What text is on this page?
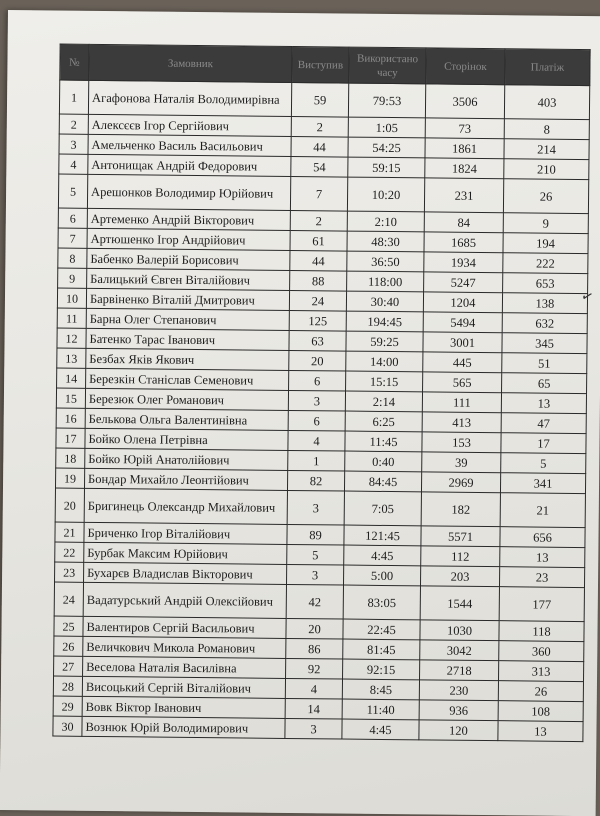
№	Замовник	Виступив	Використано часу	Сторінок	Платіж
1	Агафонова Наталія Володимирівна	59	79:53	3506	403
2	Алексєєв Ігор Сергійович	2	1:05	73	8
3	Амельченко Василь Васильович	44	54:25	1861	214
4	Антонищак Андрій Федорович	54	59:15	1824	210
5	Арешонков Володимир Юрійович	7	10:20	231	26
6	Артеменко Андрій Вікторович	2	2:10	84	9
7	Артюшенко Ігор Андрійович	61	48:30	1685	194
8	Бабенко Валерій Борисович	44	36:50	1934	222
9	Балицький Євген Віталійович	88	118:00	5247	653
10	Барвіненко Віталій Дмитрович	24	30:40	1204	138
11	Барна Олег Степанович	125	194:45	5494	632
12	Батенко Тарас Іванович	63	59:25	3001	345
13	Безбах Яків Якович	20	14:00	445	51
14	Березкін Станіслав Семенович	6	15:15	565	65
15	Березюк Олег Романович	3	2:14	111	13
16	Белькова Ольга Валентинівна	6	6:25	413	47
17	Бойко Олена Петрівна	4	11:45	153	17
18	Бойко Юрій Анатолійович	1	0:40	39	5
19	Бондар Михайло Леонтійович	82	84:45	2969	341
20	Бригинець Олександр Михайлович	3	7:05	182	21
21	Бриченко Ігор Віталійович	89	121:45	5571	656
22	Бурбак Максим Юрійович	5	4:45	112	13
23	Бухарєв Владислав Вікторович	3	5:00	203	23
24	Вадатурський Андрій Олексійович	42	83:05	1544	177
25	Валентиров Сергій Васильович	20	22:45	1030	118
26	Величкович Микола Романович	86	81:45	3042	360
27	Веселова Наталія Василівна	92	92:15	2718	313
28	Висоцький Сергій Віталійович	4	8:45	230	26
29	Вовк Віктор Іванович	14	11:40	936	108
30	Вознюк Юрій Володимирович	3	4:45	120	13
✓
